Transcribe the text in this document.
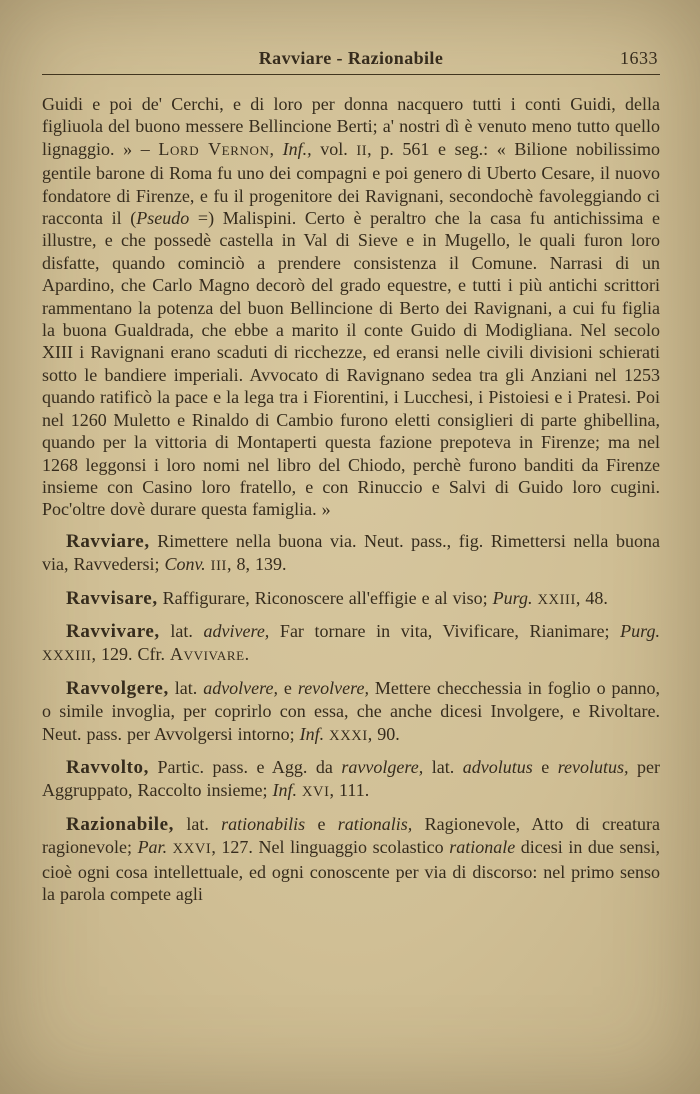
Ravviare - Razionabile	1633

Guidi e poi de' Cerchi, e di loro per donna nacquero tutti i conti Guidi, della figliuola del buono messere Bellincione Berti; a' nostri dì è venuto meno tutto quello lignaggio. » – Lord Vernon, Inf., vol. II, p. 561 e seg.: « Bilione nobilissimo gentile barone di Roma fu uno dei compagni e poi genero di Uberto Cesare, il nuovo fondatore di Firenze, e fu il progenitore dei Ravignani, secondochè favoleggiando ci racconta il (Pseudo =) Malispini. Certo è peraltro che la casa fu antichissima e illustre, e che possedè castella in Val di Sieve e in Mugello, le quali furon loro disfatte, quando cominciò a prendere consistenza il Comune. Narrasi di un Apardino, che Carlo Magno decorò del grado equestre, e tutti i più antichi scrittori rammentano la potenza del buon Bellincione di Berto dei Ravignani, a cui fu figlia la buona Gualdrada, che ebbe a marito il conte Guido di Modigliana. Nel secolo XIII i Ravignani erano scaduti di ricchezze, ed eransi nelle civili divisioni schierati sotto le bandiere imperiali. Avvocato di Ravignano sedea tra gli Anziani nel 1253 quando ratificò la pace e la lega tra i Fiorentini, i Lucchesi, i Pistoiesi e i Pratesi. Poi nel 1260 Muletto e Rinaldo di Cambio furono eletti consiglieri di parte ghibellina, quando per la vittoria di Montaperti questa fazione prepoteva in Firenze; ma nel 1268 leggonsi i loro nomi nel libro del Chiodo, perchè furono banditi da Firenze insieme con Casino loro fratello, e con Rinuccio e Salvi di Guido loro cugini. Poc'oltre dovè durare questa famiglia. »

Ravviare, Rimettere nella buona via. Neut. pass., fig. Rimettersi nella buona via, Ravvedersi; Conv. III, 8, 139.

Ravvisare, Raffigurare, Riconoscere all'effigie e al viso; Purg. XXIII, 48.

Ravvivare, lat. advivere, Far tornare in vita, Vivificare, Rianimare; Purg. XXXIII, 129. Cfr. Avvivare.

Ravvolgere, lat. advolvere, e revolvere, Mettere checchessia in foglio o panno, o simile invoglia, per coprirlo con essa, che anche dicesi Involgere, e Rivoltare. Neut. pass. per Avvolgersi intorno; Inf. XXXI, 90.

Ravvolto, Partic. pass. e Agg. da ravvolgere, lat. advolutus e revolutus, per Aggruppato, Raccolto insieme; Inf. XVI, 111.

Razionabile, lat. rationabilis e rationalis, Ragionevole, Atto di creatura ragionevole; Par. XXVI, 127. Nel linguaggio scolastico rationale dicesi in due sensi, cioè ogni cosa intellettuale, ed ogni conoscente per via di discorso: nel primo senso la parola compete agli
